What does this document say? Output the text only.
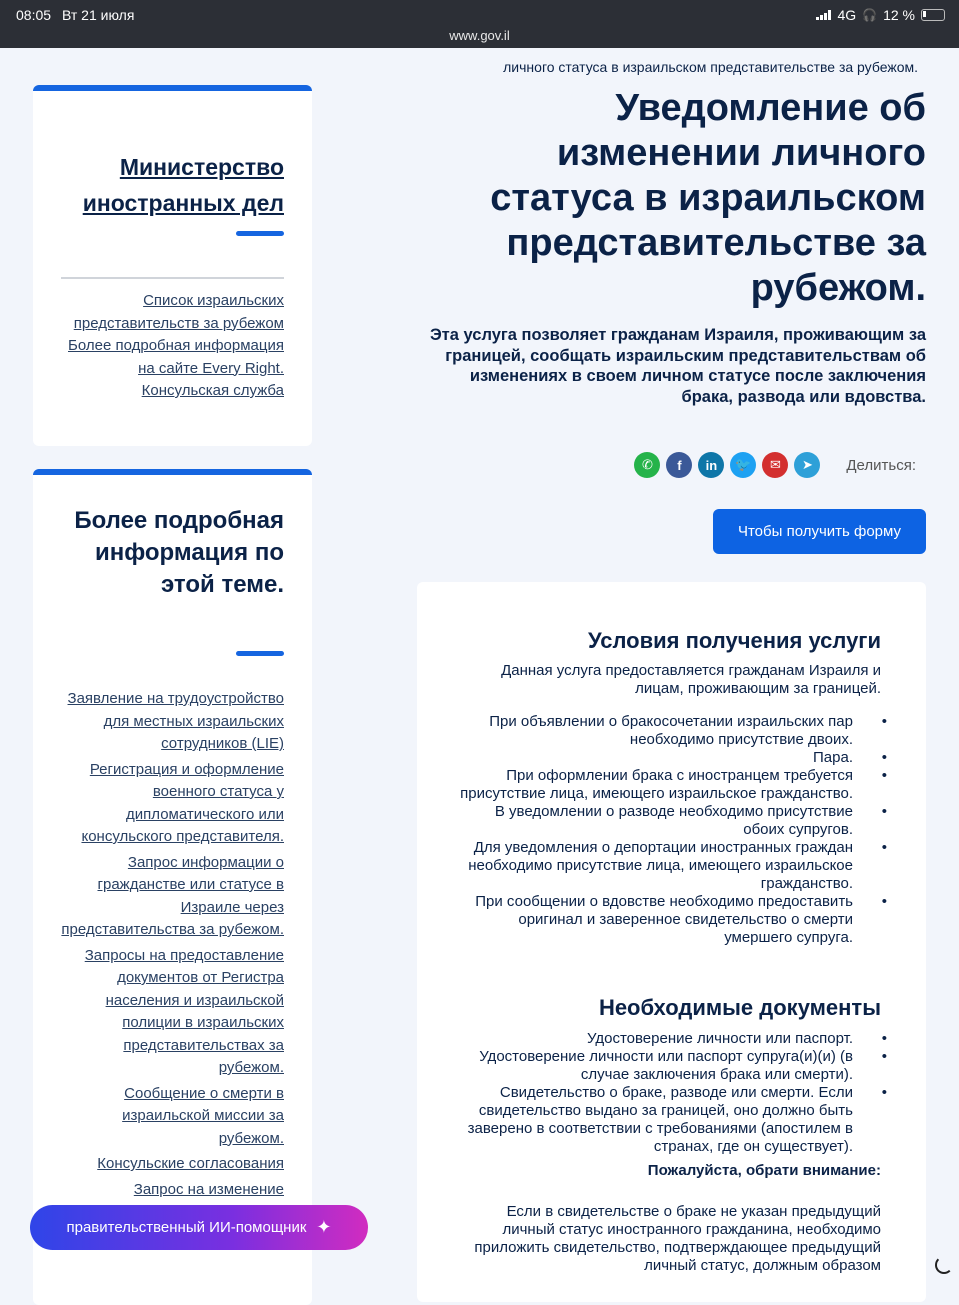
08:05 Вт 21 июля	4G 🎧 12 %
www.gov.il
личного статуса в израильском представительстве за рубежом.
Министерство иностранных дел
Список израильских представительств за рубежом
Более подробная информация на сайте Every Right.
Консульская служба
Более подробная информация по этой теме.
Заявление на трудоустройство для местных израильских сотрудников (LIE)
Регистрация и оформление военного статуса у дипломатического или консульского представителя.
Запрос информации о гражданстве или статусе в Израиле через представительства за рубежом.
Запросы на предоставление документов от Регистра населения и израильской полиции в израильских представительствах за рубежом.
Сообщение о смерти в израильской миссии за рубежом.
Консульские согласования
Запрос на изменение
Уведомление об изменении личного статуса в израильском представительстве за рубежом.
Эта услуга позволяет гражданам Израиля, проживающим за границей, сообщать израильским представительствам об изменениях в своем личном статусе после заключения брака, развода или вдовства.
✆	f	in	🐦	✉	➤	Делиться:
Чтобы получить форму
Условия получения услуги
Данная услуга предоставляется гражданам Израиля и лицам, проживающим за границей.
При объявлении о бракосочетании израильских пар необходимо присутствие двоих. •
Пара. •
При оформлении брака с иностранцем требуется присутствие лица, имеющего израильское гражданство. •
В уведомлении о разводе необходимо присутствие обоих супругов. •
Для уведомления о депортации иностранных граждан необходимо присутствие лица, имеющего израильское гражданство. •
При сообщении о вдовстве необходимо предоставить оригинал и заверенное свидетельство о смерти умершего супруга. •
Необходимые документы
Удостоверение личности или паспорт. •
Удостоверение личности или паспорт супруга(и)(и) (в случае заключения брака или смерти). •
Свидетельство о браке, разводе или смерти. Если свидетельство выдано за границей, оно должно быть заверено в соответствии с требованиями (апостилем в странах, где он существует). •
Пожалуйста, обрати внимание:
Если в свидетельстве о браке не указан предыдущий личный статус иностранного гражданина, необходимо приложить свидетельство, подтверждающее предыдущий личный статус, должным образом
правительственный ИИ-помощник ✦
